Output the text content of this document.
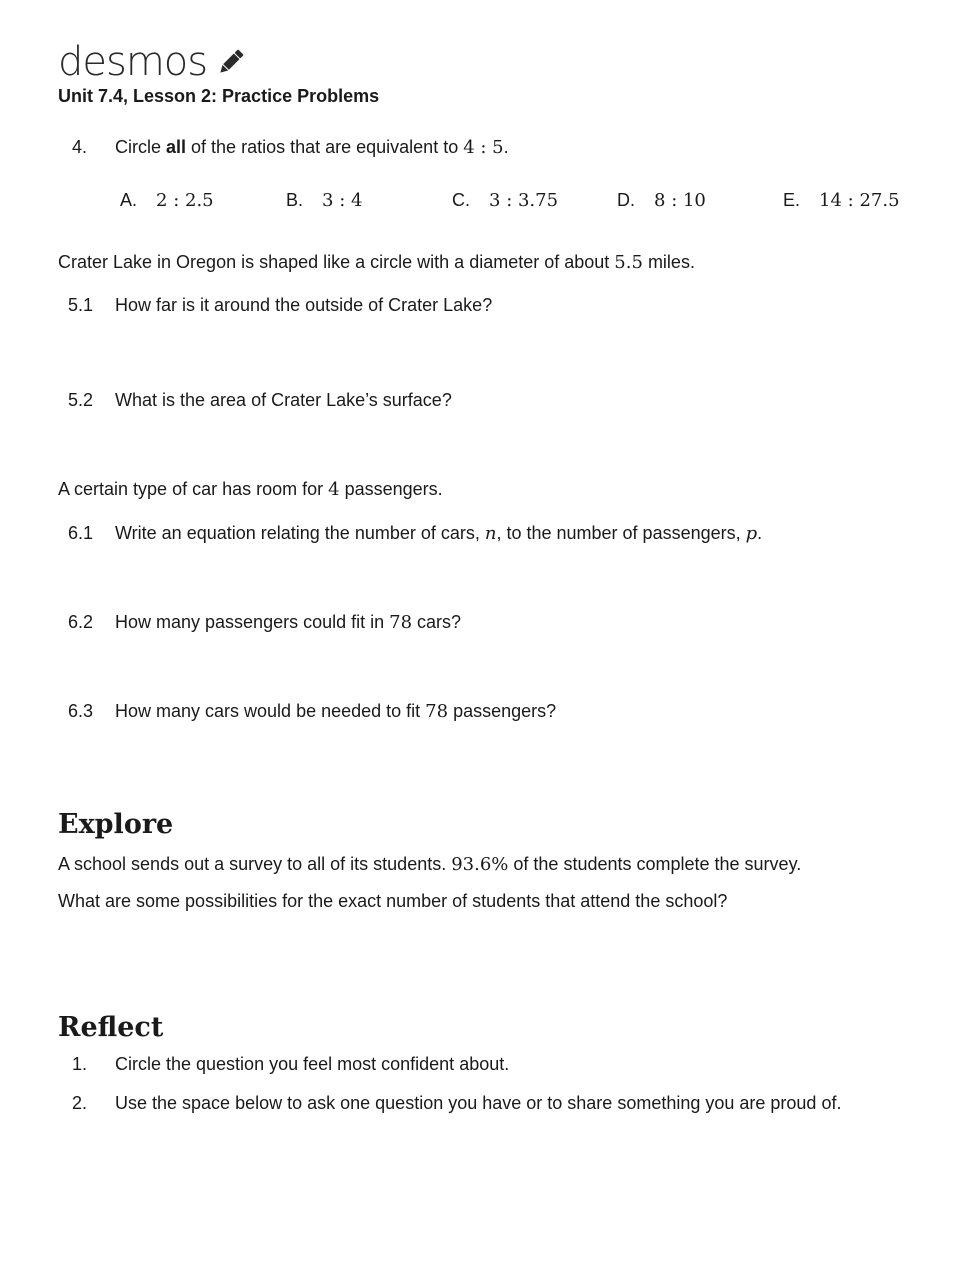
desmos
Unit 7.4, Lesson 2: Practice Problems
4. Circle all of the ratios that are equivalent to 4 : 5.
A. 2 : 2.5	B. 3 : 4	C. 3 : 3.75	D. 8 : 10	E. 14 : 27.5
Crater Lake in Oregon is shaped like a circle with a diameter of about 5.5 miles.
5.1 How far is it around the outside of Crater Lake?
5.2 What is the area of Crater Lake’s surface?
A certain type of car has room for 4 passengers.
6.1 Write an equation relating the number of cars, n, to the number of passengers, p.
6.2 How many passengers could fit in 78 cars?
6.3 How many cars would be needed to fit 78 passengers?
Explore
A school sends out a survey to all of its students. 93.6% of the students complete the survey.
What are some possibilities for the exact number of students that attend the school?
Reflect
1. Circle the question you feel most confident about.
2. Use the space below to ask one question you have or to share something you are proud of.
